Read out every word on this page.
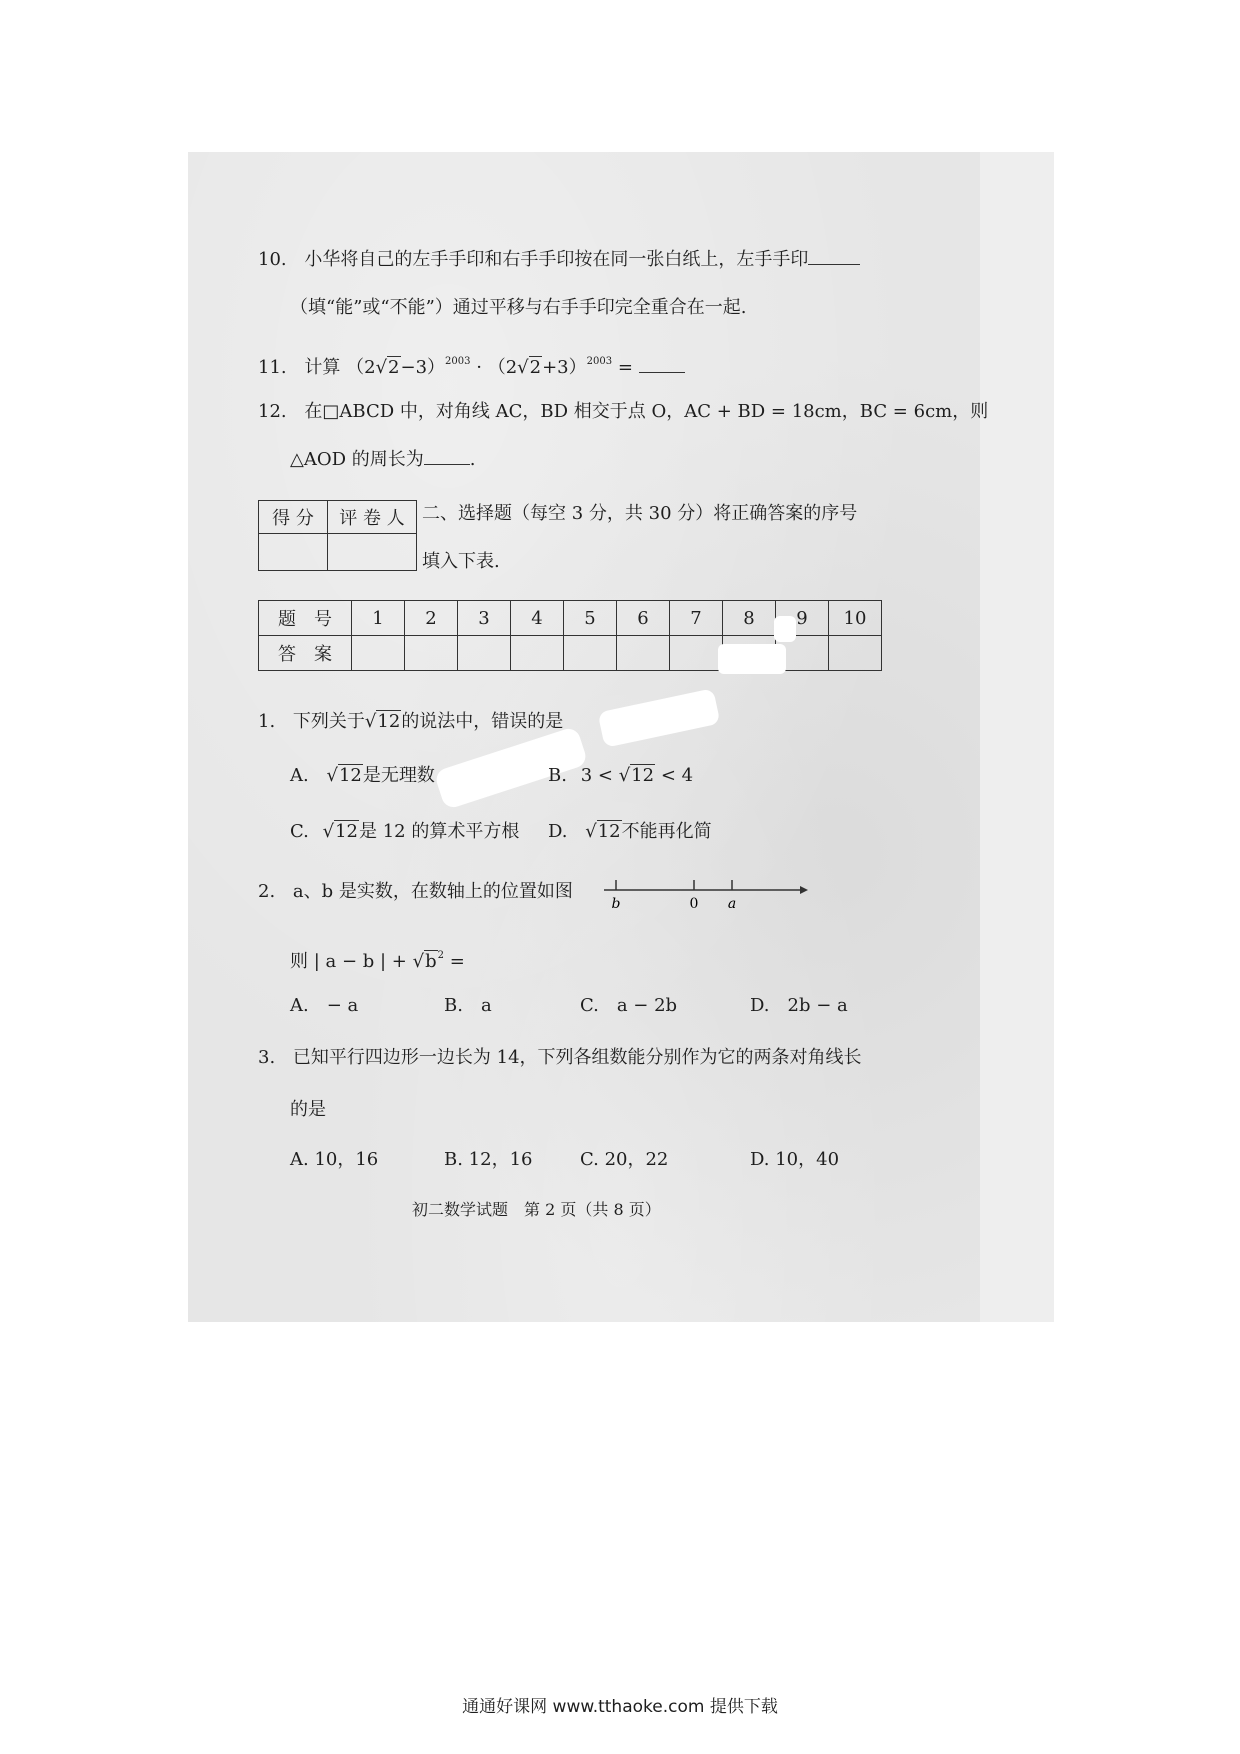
10. 小华将自己的左手手印和右手手印按在同一张白纸上，左手手印
（填“能”或“不能”）通过平移与右手手印完全重合在一起.
11. 计算 $(2√2-3)^{2003} \cdot (2√2+3)^{2003}$ =
12. 在□ABCD 中，对角线 AC，BD 相交于点 O，AC + BD = 18cm，BC = 6cm，则
△AOD 的周长为	.
得 分	评 卷 人
	二、选择题（每空 3 分，共 30 分）将正确答案的序号
填入下表.
题　号	1	2	3	4	5	6	7	8	9	10
答　案										
1. 下列关于√12的说法中，错误的是
A. √12是无理数	B. 3 < √12 < 4
C. √12是 12 的算术平方根 D. √12不能再化简
2. a、b 是实数，在数轴上的位置如图
b	0 a
则 | a − b | + $√b^2$ =
A.　− a	B.　a	C.　a − 2b	D.　2b − a
3. 已知平行四边形一边长为 14，下列各组数能分别作为它的两条对角线长
的是
A. 10，16	B. 12，16	C. 20，22	D. 10，40
初二数学试题　第 2 页（共 8 页）
通通好课网 www.tthaoke.com 提供下载
